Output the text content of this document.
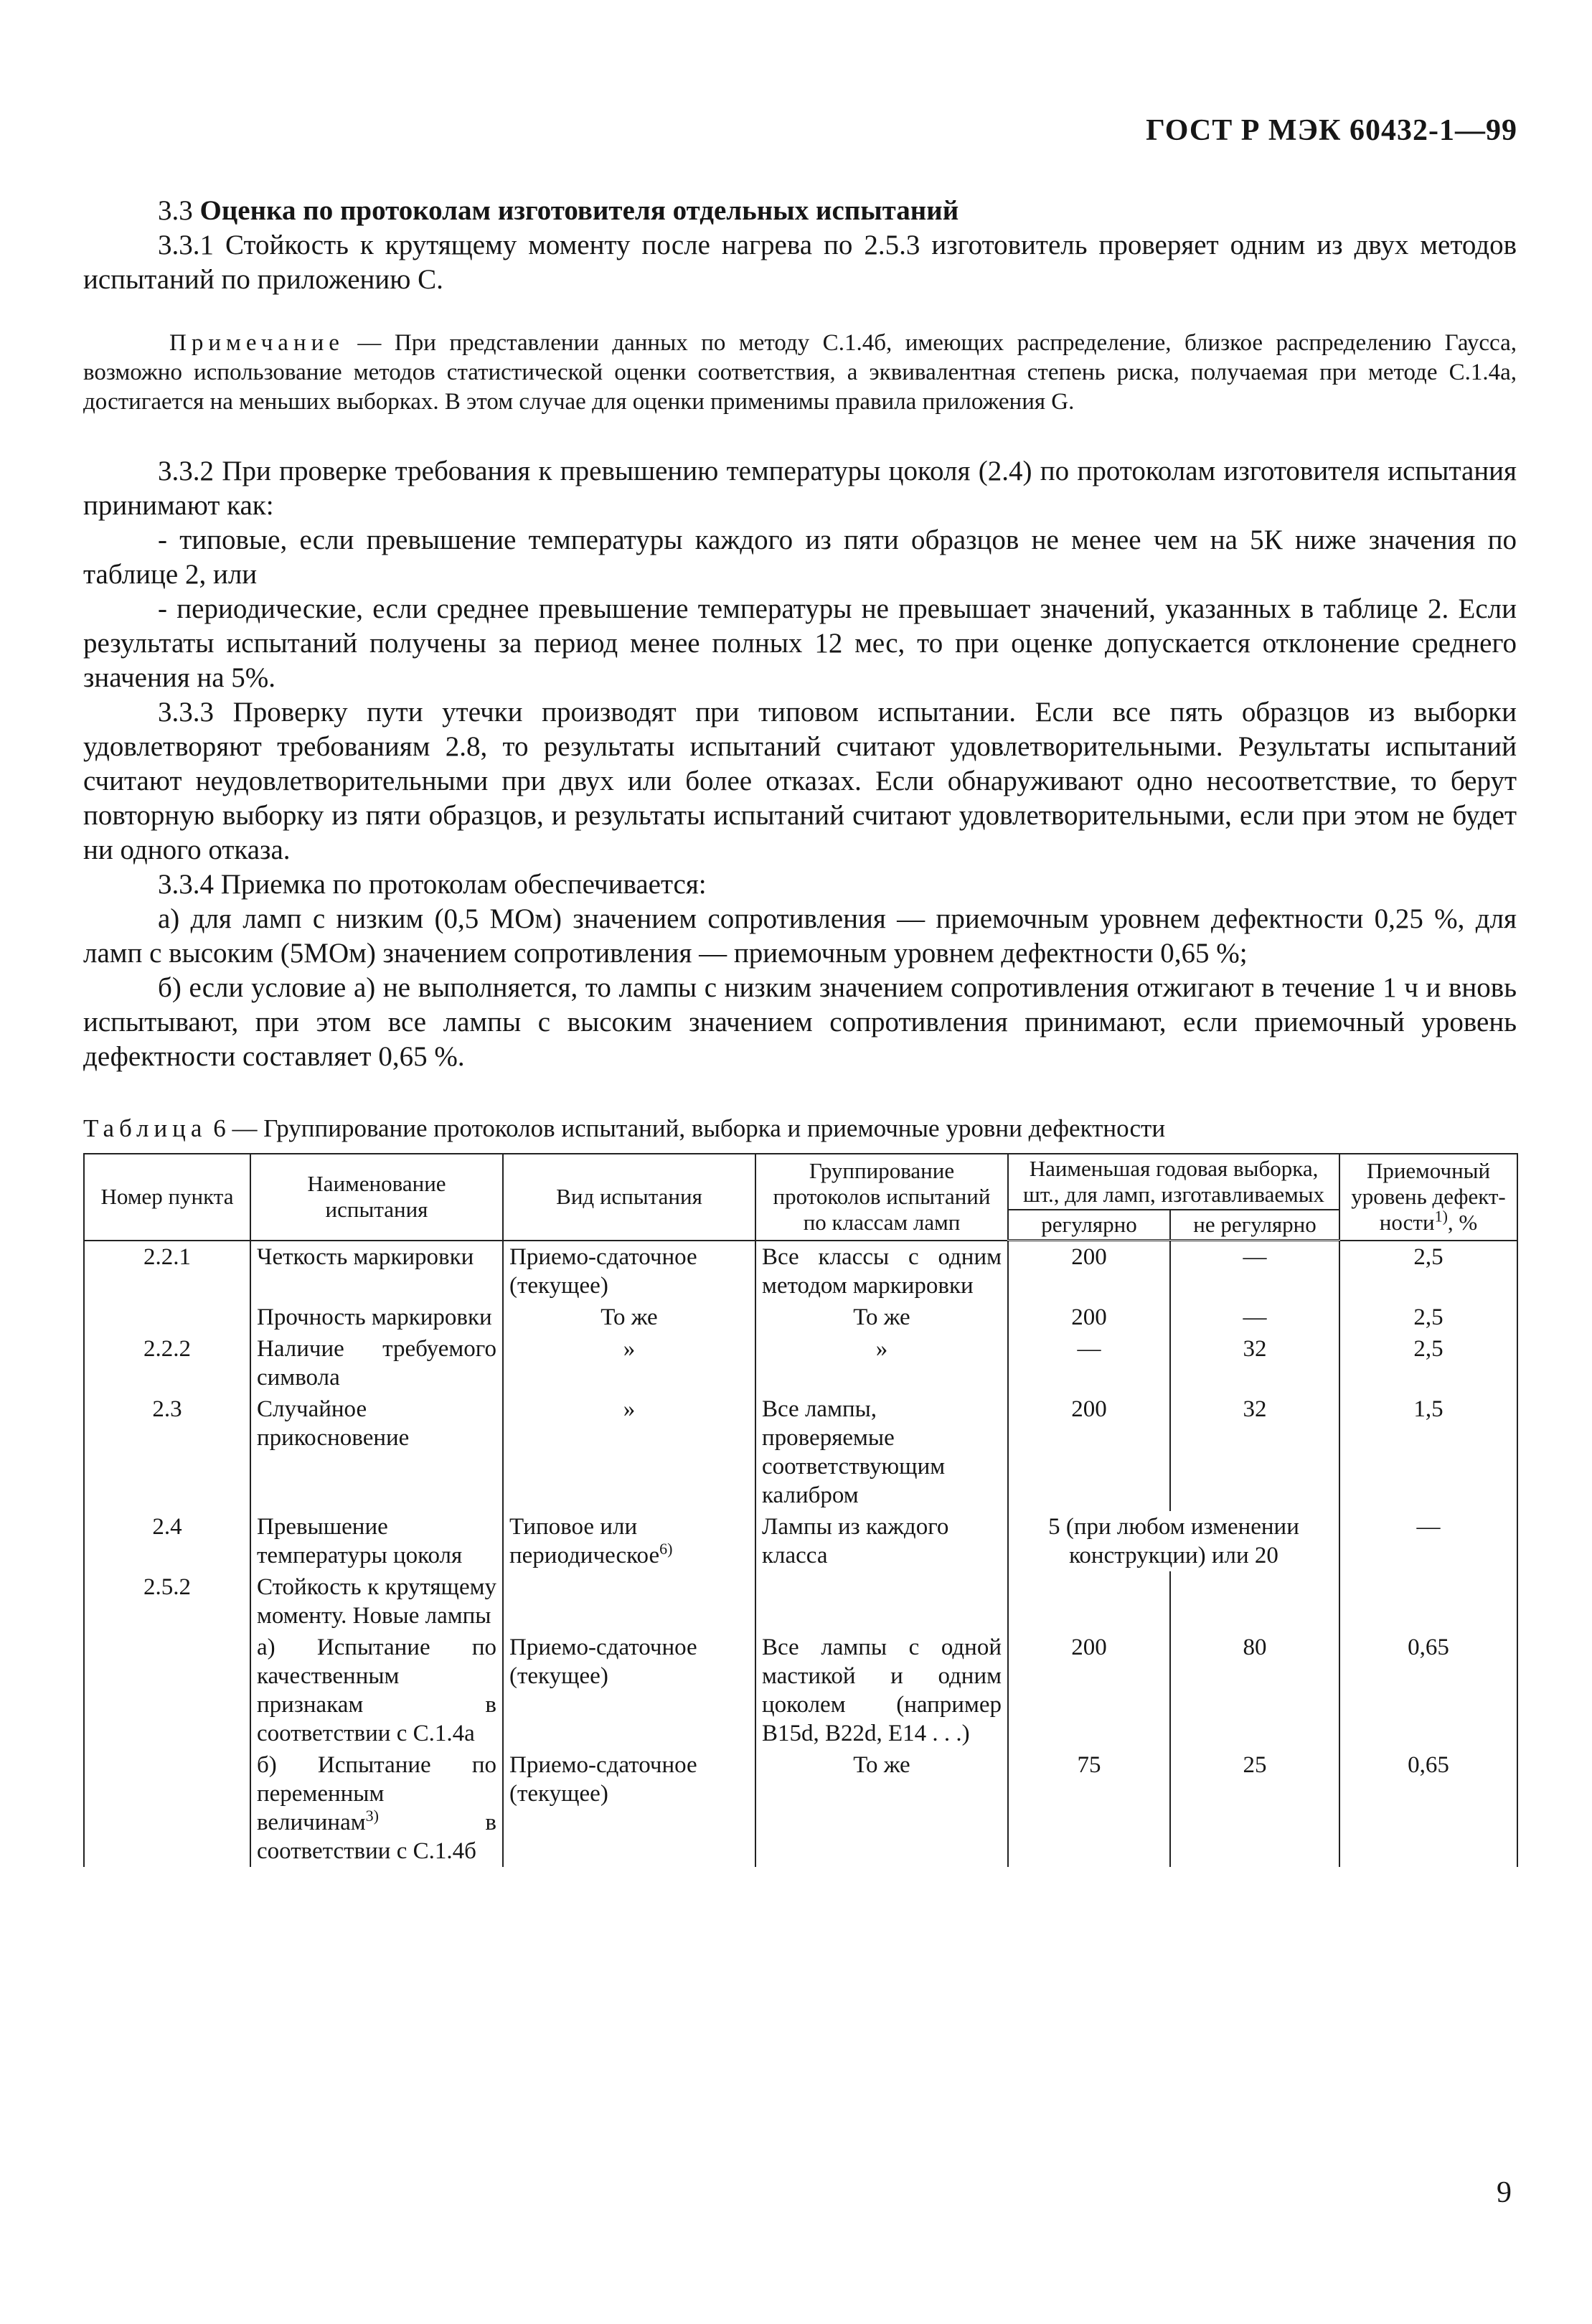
ГОСТ Р МЭК 60432-1—99

3.3 Оценка по протоколам изготовителя отдельных испытаний

3.3.1 Стойкость к крутящему моменту после нагрева по 2.5.3 изготовитель проверяет одним из двух методов испытаний по приложению С.

Примечание — При представлении данных по методу С.1.4б, имеющих распределение, близкое распределению Гаусса, возможно использование методов статистической оценки соответствия, а эквивалентная степень риска, получаемая при методе С.1.4а, достигается на меньших выборках. В этом случае для оценки применимы правила приложения G.

3.3.2 При проверке требования к превышению температуры цоколя (2.4) по протоколам изготовителя испытания принимают как:

- типовые, если превышение температуры каждого из пяти образцов не менее чем на 5К ниже значения по таблице 2, или

- периодические, если среднее превышение температуры не превышает значений, указанных в таблице 2. Если результаты испытаний получены за период менее полных 12 мес, то при оценке допускается отклонение среднего значения на 5%.

3.3.3 Проверку пути утечки производят при типовом испытании. Если все пять образцов из выборки удовлетворяют требованиям 2.8, то результаты испытаний считают удовлетворительными. Результаты испытаний считают неудовлетворительными при двух или более отказах. Если обнаруживают одно несоответствие, то берут повторную выборку из пяти образцов, и результаты испытаний считают удовлетворительными, если при этом не будет ни одного отказа.

3.3.4 Приемка по протоколам обеспечивается:

а) для ламп с низким (0,5 МОм) значением сопротивления — приемочным уровнем дефектности 0,25 %, для ламп с высоким (5МОм) значением сопротивления — приемочным уровнем дефектности 0,65 %;

б) если условие а) не выполняется, то лампы с низким значением сопротивления отжигают в течение 1 ч и вновь испытывают, при этом все лампы с высоким значением сопротивления принимают, если приемочный уровень дефектности составляет 0,65 %.

Таблица 6 — Группирование протоколов испытаний, выборка и приемочные уровни дефектности

Номер пункта	Наименование испытания	Вид испытания	Группирование протоколов испытаний по классам ламп	Наименьшая годовая выборка, шт., для ламп, изготавливаемых		Приемочный уровень дефект-ности$^{1)}$, %
				регулярно	не регулярно	
2.2.1	Четкость маркировки	Приемо-сдаточное (текущее)	Все классы с одним методом маркировки	200	—	2,5
	Прочность маркировки	То же	То же	200	—	2,5
2.2.2	Наличие требуемого символа	»	»	—	32	2,5
2.3	Случайное прикосновение	»	Все лампы, проверяемые соответствующим калибром	200	32	1,5
2.4	Превышение температуры цоколя	Типовое или периодическое$^{6)}$	Лампы из каждого класса	5 (при любом изменении конструкции) или 20		—
2.5.2	Стойкость к крутящему моменту. Новые лампы					
	а) Испытание по качественным признакам в соответствии с С.1.4а	Приемо-сдаточное (текущее)	Все лампы с одной мастикой и одним цоколем (например B15d, B22d, E14 . . .)	200	80	0,65
	б) Испытание по переменным величинам$^{3)}$ в соответствии с С.1.4б	Приемо-сдаточное (текущее)	То же	75	25	0,65
9
